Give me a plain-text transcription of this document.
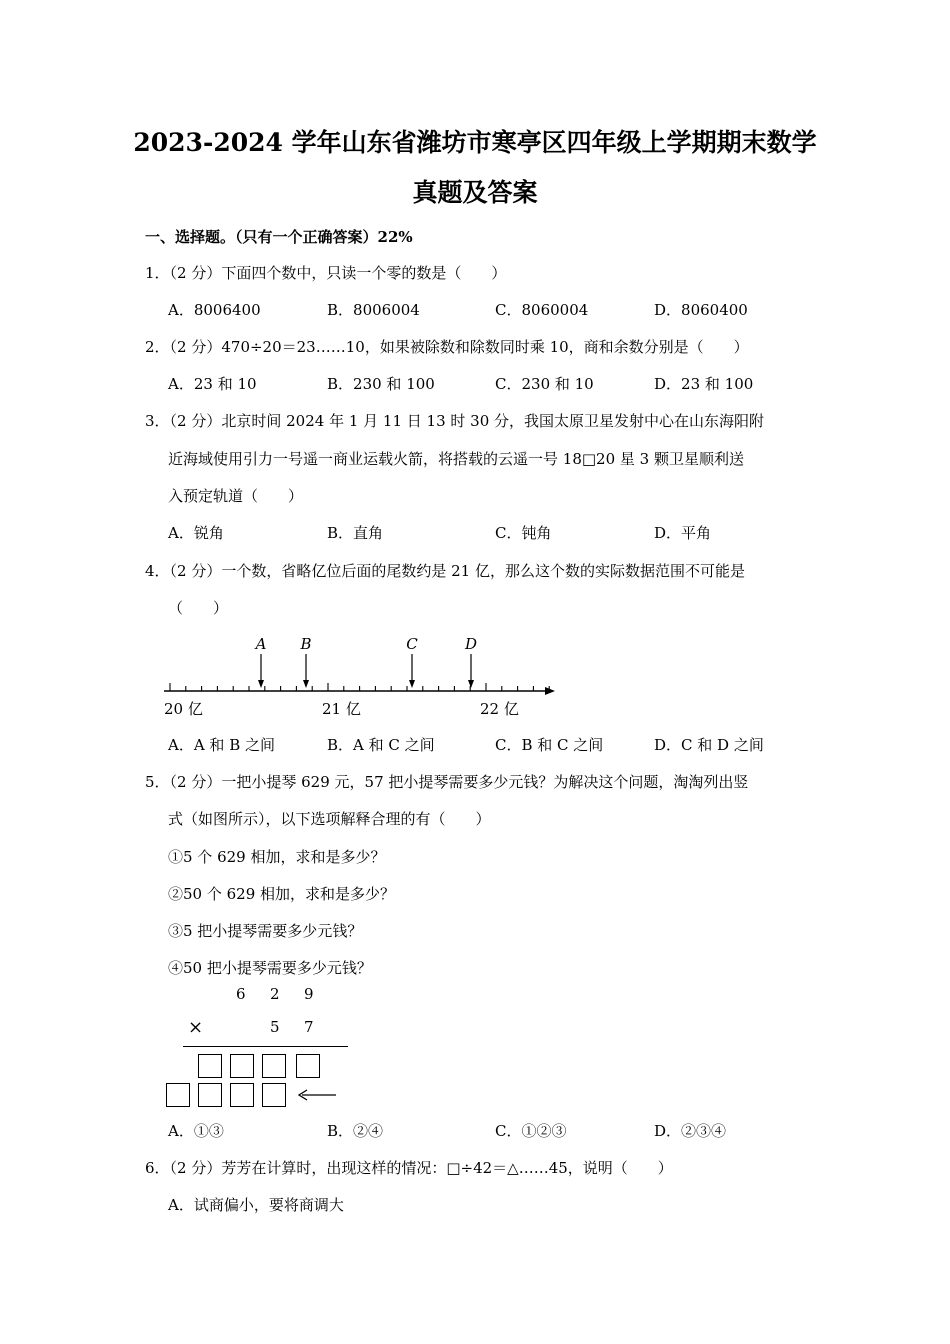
2023-2024 学年山东省潍坊市寒亭区四年级上学期期末数学
真题及答案
一、选择题。（只有一个正确答案）22%
1．（2 分）下面四个数中，只读一个零的数是（　　）
A．8006400	B．8006004	C．8060004	D．8060400
2．（2 分）470÷20＝23……10，如果被除数和除数同时乘 10，商和余数分别是（　　）
A．23 和 10	B．230 和 100	C．230 和 10	D．23 和 100
3．（2 分）北京时间 2024 年 1 月 11 日 13 时 30 分，我国太原卫星发射中心在山东海阳附
近海域使用引力一号遥一商业运载火箭，将搭载的云遥一号 18□20 星 3 颗卫星顺利送
入预定轨道（　　）
A．锐角	B．直角	C．钝角	D．平角
4．（2 分）一个数，省略亿位后面的尾数约是 21 亿，那么这个数的实际数据范围不可能是
（　　）
A B	C	D
20 亿	21 亿	22 亿
A．A 和 B 之间	B．A 和 C 之间	C．B 和 C 之间	D．C 和 D 之间
5．（2 分）一把小提琴 629 元，57 把小提琴需要多少元钱？为解决这个问题，淘淘列出竖
式（如图所示），以下选项解释合理的有（　　）
①5 个 629 相加，求和是多少？
②50 个 629 相加，求和是多少？
③5 把小提琴需要多少元钱？
④50 把小提琴需要多少元钱？
6 2 9
×	5 7
A．①③	B．②④	C．①②③	D．②③④
6．（2 分）芳芳在计算时，出现这样的情况：□÷42＝△……45，说明（　　）
A．试商偏小，要将商调大
